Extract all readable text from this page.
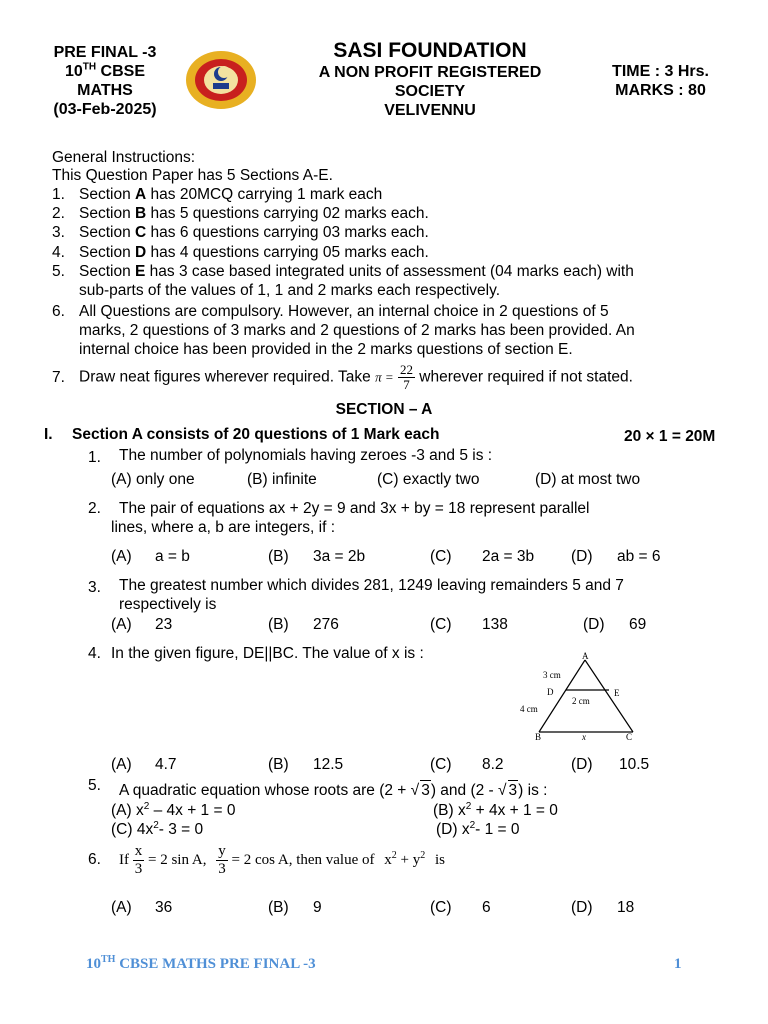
PRE FINAL -3
10TH CBSE
MATHS
(03-Feb-2025)
SASI FOUNDATION
A NON PROFIT REGISTERED
SOCIETY
VELIVENNU
TIME : 3 Hrs.
MARKS : 80
General Instructions:
This Question Paper has 5 Sections A-E.
1. Section A has 20MCQ carrying 1 mark each
2. Section B has 5 questions carrying 02 marks each.
3. Section C has 6 questions carrying 03 marks each.
4. Section D has 4 questions carrying 05 marks each.
5. Section E has 3 case based integrated units of assessment (04 marks each) with
sub-parts of the values of 1, 1 and 2 marks each respectively.
6. All Questions are compulsory. However, an internal choice in 2 questions of 5
marks, 2 questions of 3 marks and 2 questions of 2 marks has been provided. An
internal choice has been provided in the 2 marks questions of section E.
7. Draw neat figures wherever required. Take $\pi = \frac{22}{7}$ wherever required if not stated.
SECTION – A
I. Section A consists of 20 questions of 1 Mark each	20 × 1 = 20M
1. The number of polynomials having zeroes -3 and 5 is :
(A) only one	(B) infinite	(C) exactly two	(D) at most two
2. The pair of equations ax + 2y = 9 and 3x + by = 18 represent parallel
lines, where a, b are integers, if :
(A) a = b	(B) 3a = 2b	(C) 2a = 3b (D) ab = 6
3. The greatest number which divides 281, 1249 leaving remainders 5 and 7
respectively is
(A) 23	(B) 276	(C) 138	(D) 69
4. In the given figure, DE||BC. The value of x is :	A
D	E
B	C
3 cm
2 cm
4 cm
x
(A) 4.7	(B) 12.5	(C) 8.2	(D) 10.5
5. A quadratic equation whose roots are (2 + √ 3) and (2 - √ 3) is :
(A) $x^2 - 4x + 1 = 0$	(B) $x^2 + 4x + 1 = 0$
(C) $4x^2-$ 3 = 0	(D) $x^2-$ 1 = 0
6. If $\frac{x}{3} = 2$ sin A, $\frac{y}{3} = 2$ cos A, then value of $x^2 + y^2$ is
(A) 36	(B) 9	(C) 6	(D) 18
10TH CBSE MATHS PRE FINAL -3	1
